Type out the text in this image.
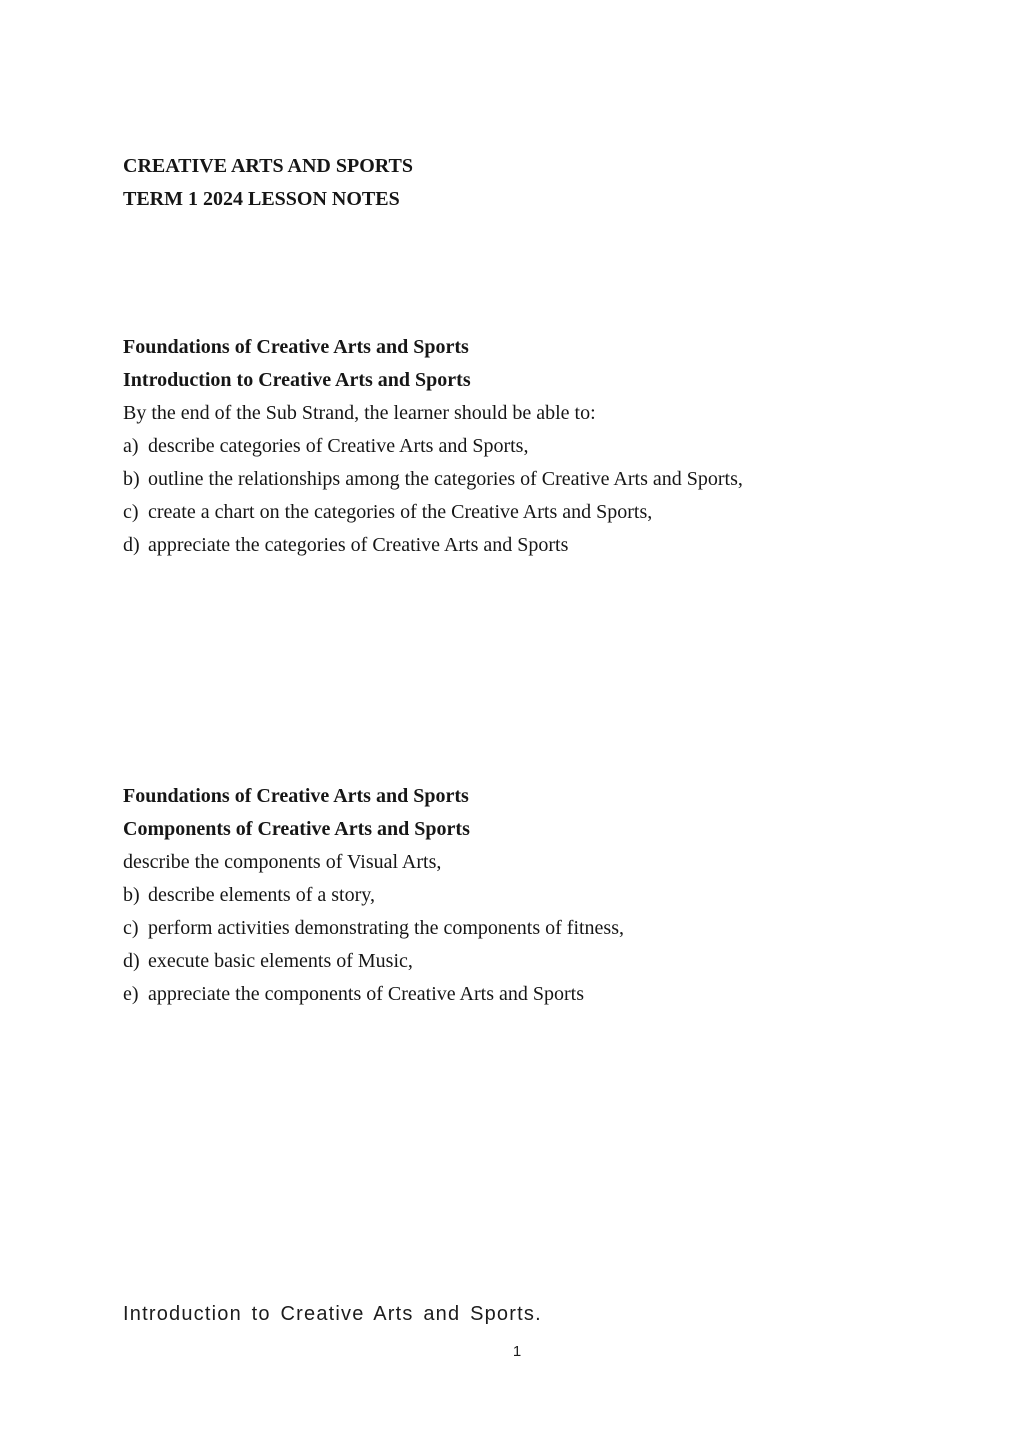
CREATIVE ARTS AND SPORTS

TERM 1 2024 LESSON NOTES

Foundations of Creative Arts and Sports

Introduction to Creative Arts and Sports

By the end of the Sub Strand, the learner should be able to:

a) describe categories of Creative Arts and Sports,

b) outline the relationships among the categories of Creative Arts and Sports,

c) create a chart on the categories of the Creative Arts and Sports,

d) appreciate the categories of Creative Arts and Sports

Foundations of Creative Arts and Sports

Components of Creative Arts and Sports

describe the components of Visual Arts,

b) describe elements of a story,

c) perform activities demonstrating the components of fitness,

d) execute basic elements of Music,

e) appreciate the components of Creative Arts and Sports

Introduction to Creative Arts and Sports.

1
